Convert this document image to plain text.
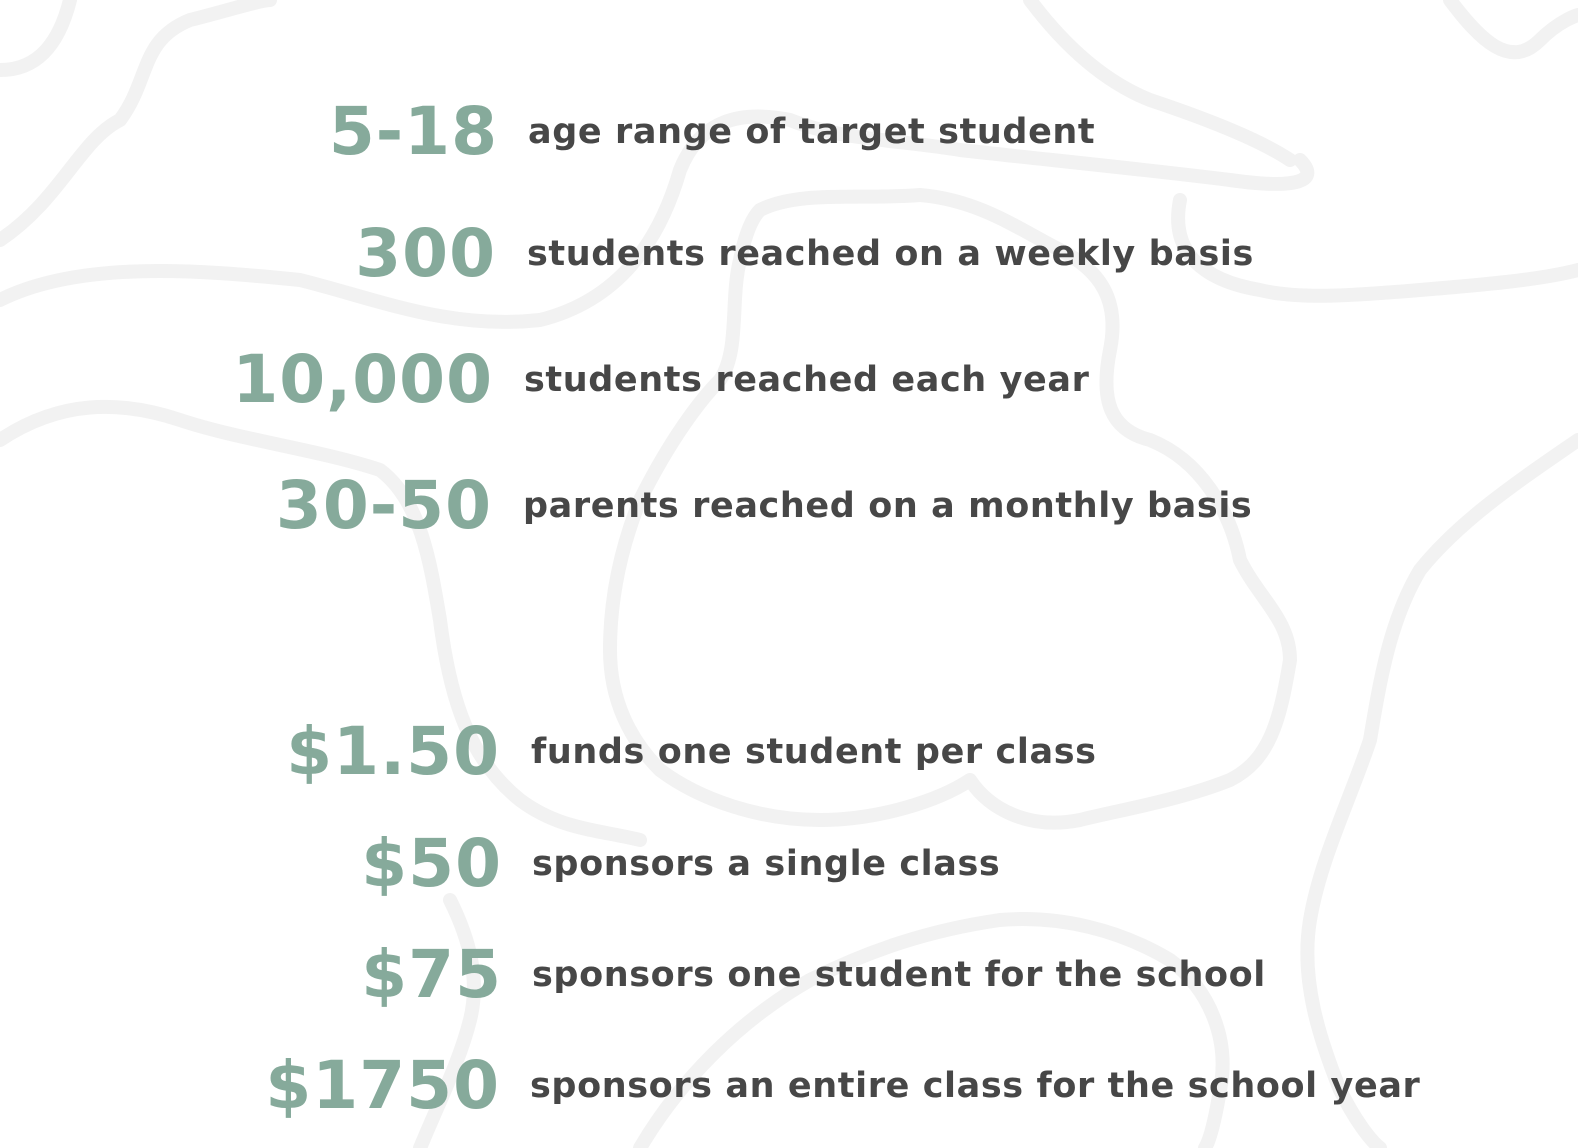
5-18 age range of target student
300 students reached on a weekly basis
10,000 students reached each year
30-50 parents reached on a monthly basis
$1.50 funds one student per class
$50 sponsors a single class
$75 sponsors one student for the school
$1750 sponsors an entire class for the school year
